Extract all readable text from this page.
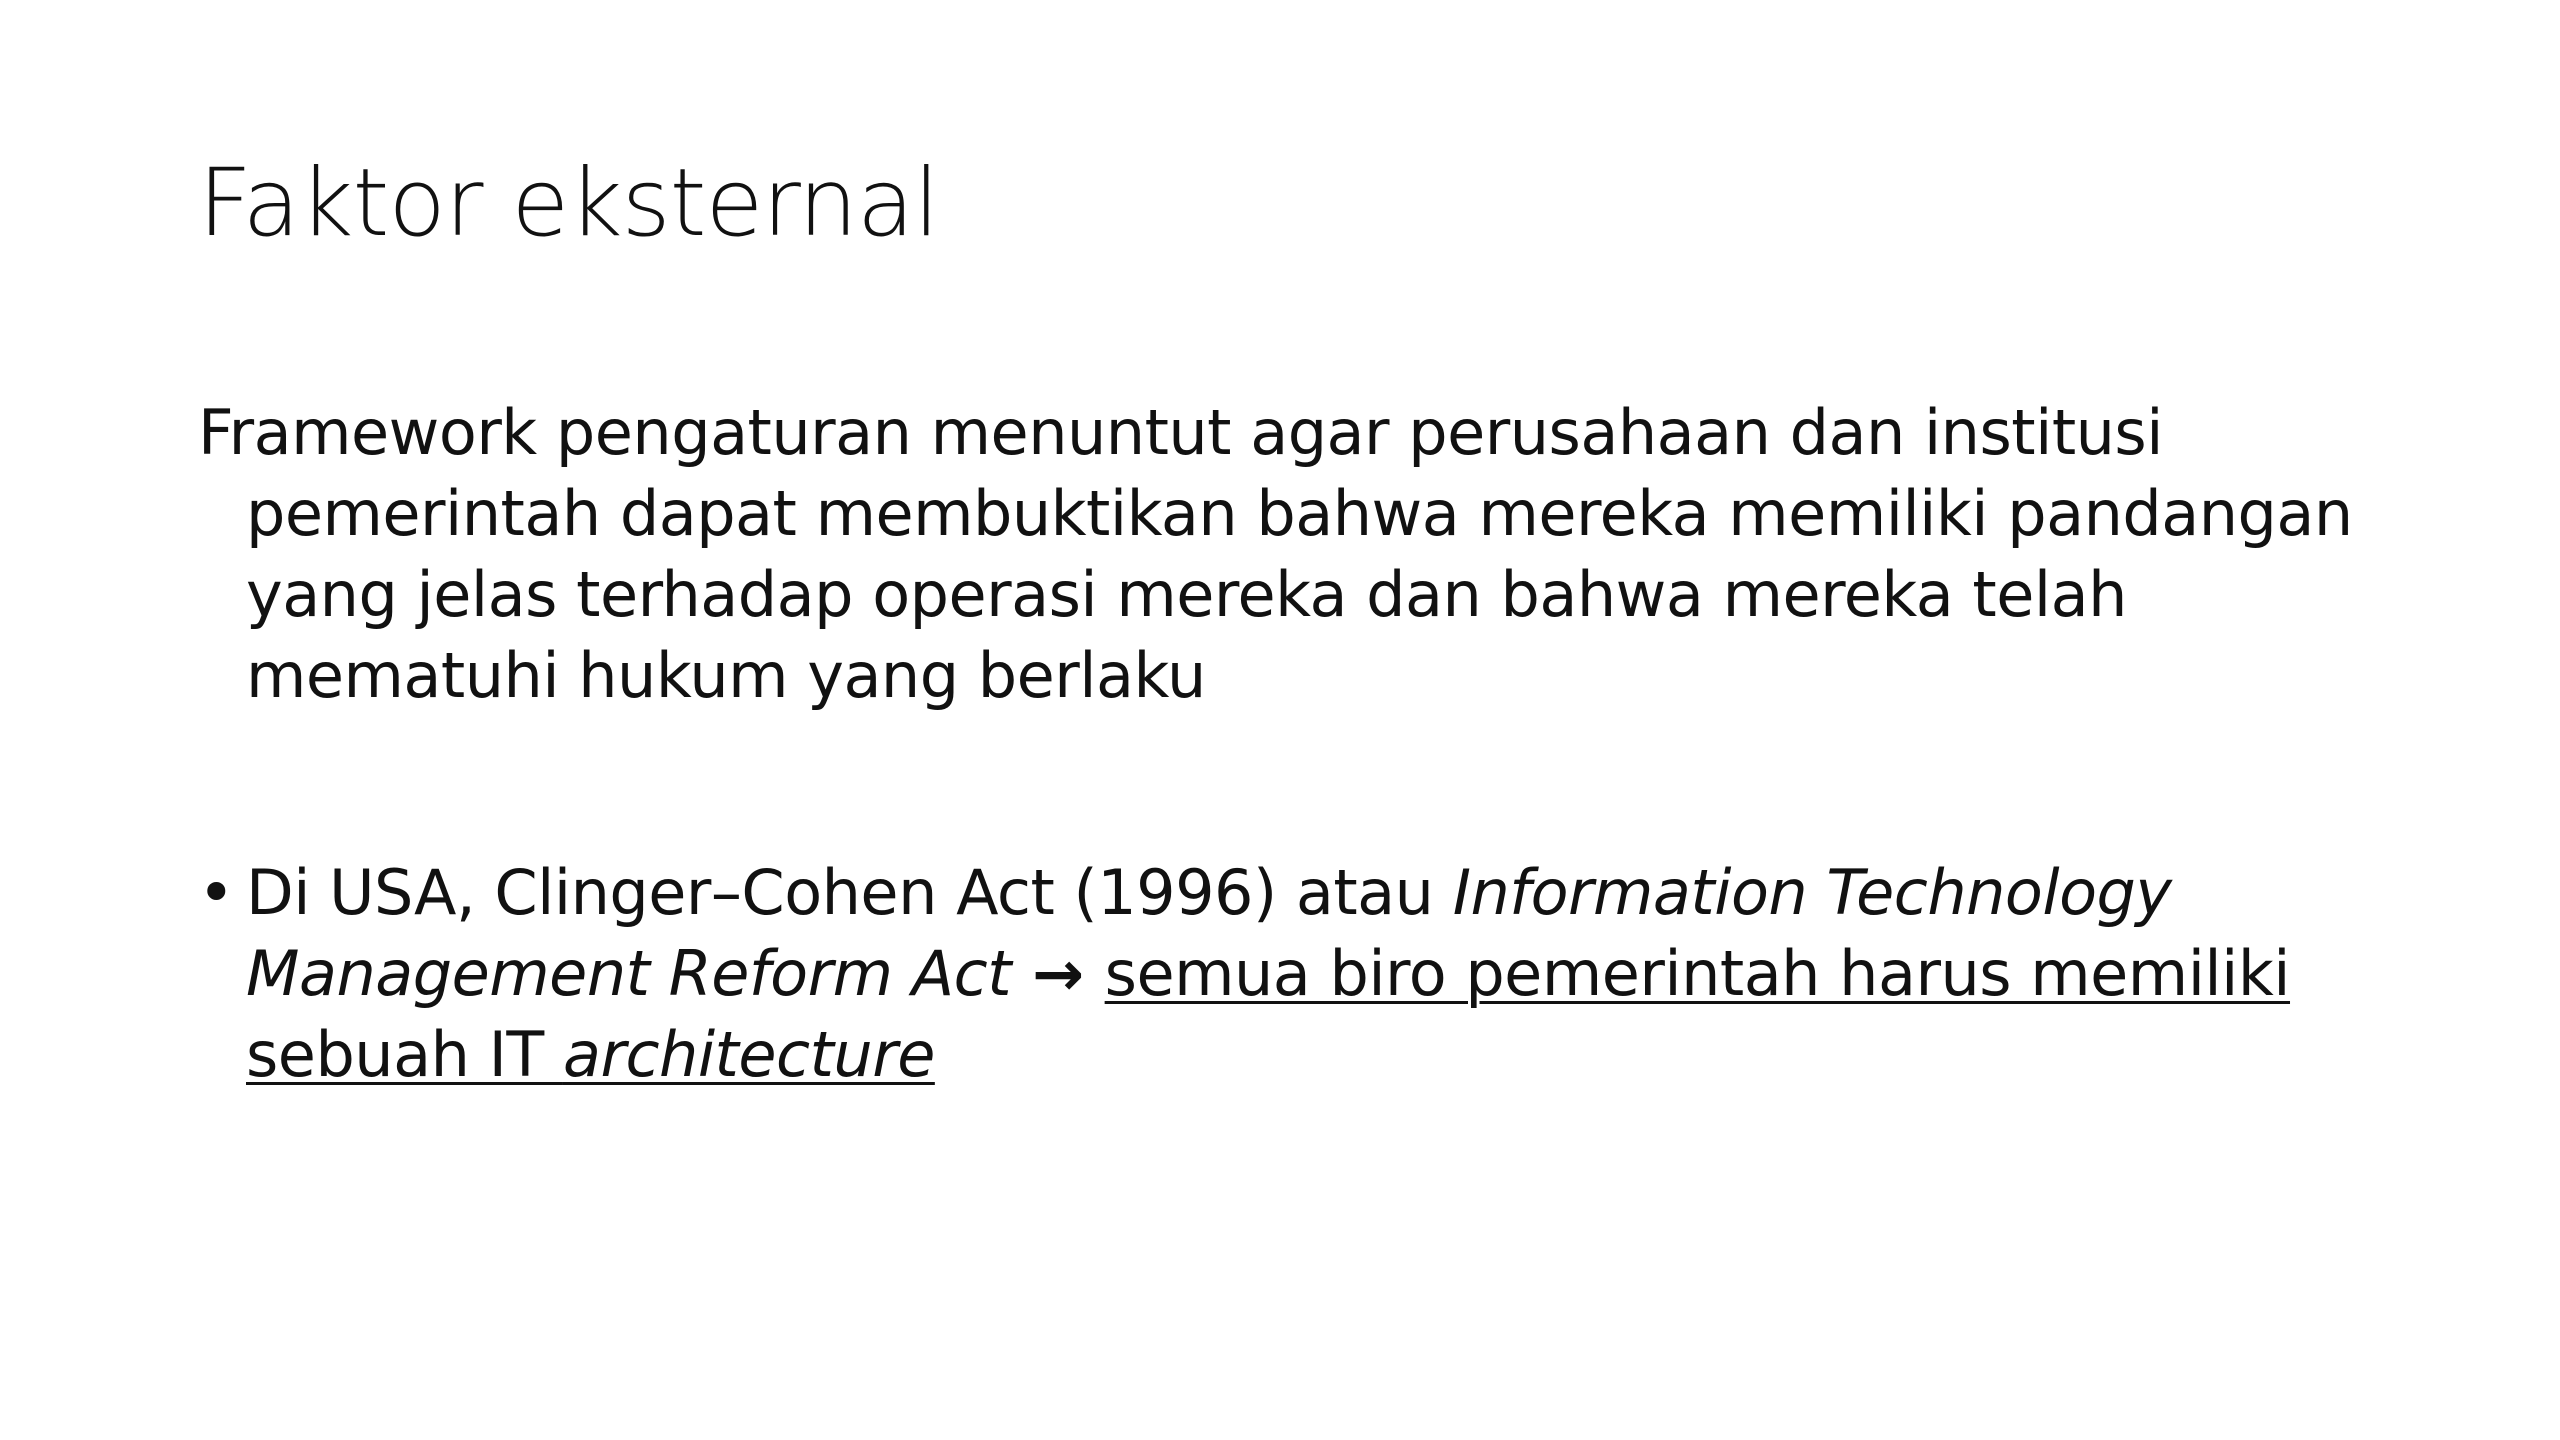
Faktor eksternal

Framework pengaturan menuntut agar perusahaan dan institusi pemerintah dapat membuktikan bahwa mereka memiliki pandangan yang jelas terhadap operasi mereka dan bahwa mereka telah mematuhi hukum yang berlaku

• Di USA, Clinger–Cohen Act (1996) atau Information Technology Management Reform Act → semua biro pemerintah harus memiliki sebuah IT architecture
